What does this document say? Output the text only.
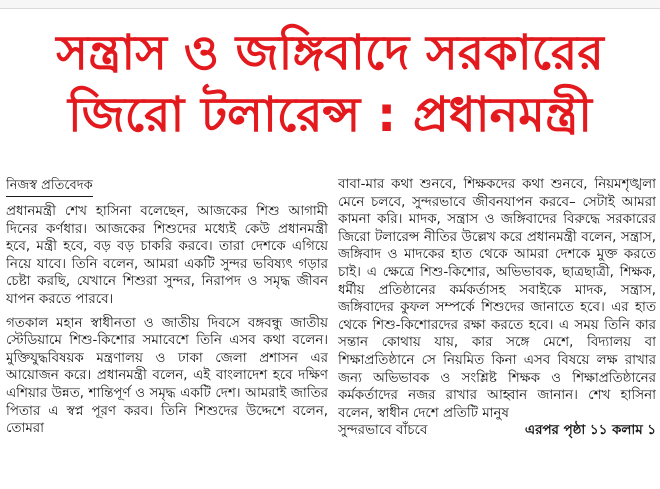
সন্ত্রাস ও জঙ্গিবাদে সরকারের
জিরো টলারেন্স : প্রধানমন্ত্রী
নিজস্ব প্রতিবেদক

প্রধানমন্ত্রী শেখ হাসিনা বলেছেন, আজকের শিশু আগামী দিনের কর্ণধার। আজকের শিশুদের মধ্যেই কেউ প্রধানমন্ত্রী হবে, মন্ত্রী হবে, বড় বড় চাকরি করবে। তারা দেশকে এগিয়ে নিয়ে যাবে। তিনি বলেন, আমরা একটি সুন্দর ভবিষ্যৎ গড়ার চেষ্টা করছি, যেখানে শিশুরা সুন্দর, নিরাপদ ও সমৃদ্ধ জীবন যাপন করতে পারবে।

গতকাল মহান স্বাধীনতা ও জাতীয় দিবসে বঙ্গবন্ধু জাতীয় স্টেডিয়ামে শিশু-কিশোর সমাবেশে তিনি এসব কথা বলেন। মুক্তিযুদ্ধবিষয়ক মন্ত্রণালয় ও ঢাকা জেলা প্রশাসন এর আয়োজন করে। প্রধানমন্ত্রী বলেন, এই বাংলাদেশ হবে দক্ষিণ এশিয়ার উন্নত, শান্তিপূর্ণ ও সমৃদ্ধ একটি দেশ। আমরাই জাতির পিতার এ স্বপ্ন পূরণ করব। তিনি শিশুদের উদ্দেশে বলেন, তোমরা

বাবা-মার কথা শুনবে, শিক্ষকদের কথা শুনবে, নিয়মশৃঙ্খলা মেনে চলবে, সুন্দরভাবে জীবনযাপন করবে– সেটাই আমরা কামনা করি। মাদক, সন্ত্রাস ও জঙ্গিবাদের বিরুদ্ধে সরকারের জিরো টলারেন্স নীতির উল্লেখ করে প্রধানমন্ত্রী বলেন, সন্ত্রাস, জঙ্গিবাদ ও মাদকের হাত থেকে আমরা দেশকে মুক্ত করতে চাই। এ ক্ষেত্রে শিশু-কিশোর, অভিভাবক, ছাত্রছাত্রী, শিক্ষক, ধর্মীয় প্রতিষ্ঠানের কর্মকর্তাসহ সবাইকে মাদক, সন্ত্রাস, জঙ্গিবাদের কুফল সম্পর্কে শিশুদের জানাতে হবে। এর হাত থেকে শিশু-কিশোরদের রক্ষা করতে হবে। এ সময় তিনি কার সন্তান কোথায় যায়, কার সঙ্গে মেশে, বিদ্যালয় বা শিক্ষাপ্রতিষ্ঠানে সে নিয়মিত কিনা এসব বিষয়ে লক্ষ রাখার জন্য অভিভাবক ও সংশ্লিষ্ট শিক্ষক ও শিক্ষাপ্রতিষ্ঠানের কর্মকর্তাদের নজর রাখার আহ্বান জানান। শেখ হাসিনা বলেন, স্বাধীন দেশে প্রতিটি মানুষ

সুন্দরভাবে বাঁচবে	এরপর পৃষ্ঠা ১১ কলাম ১
